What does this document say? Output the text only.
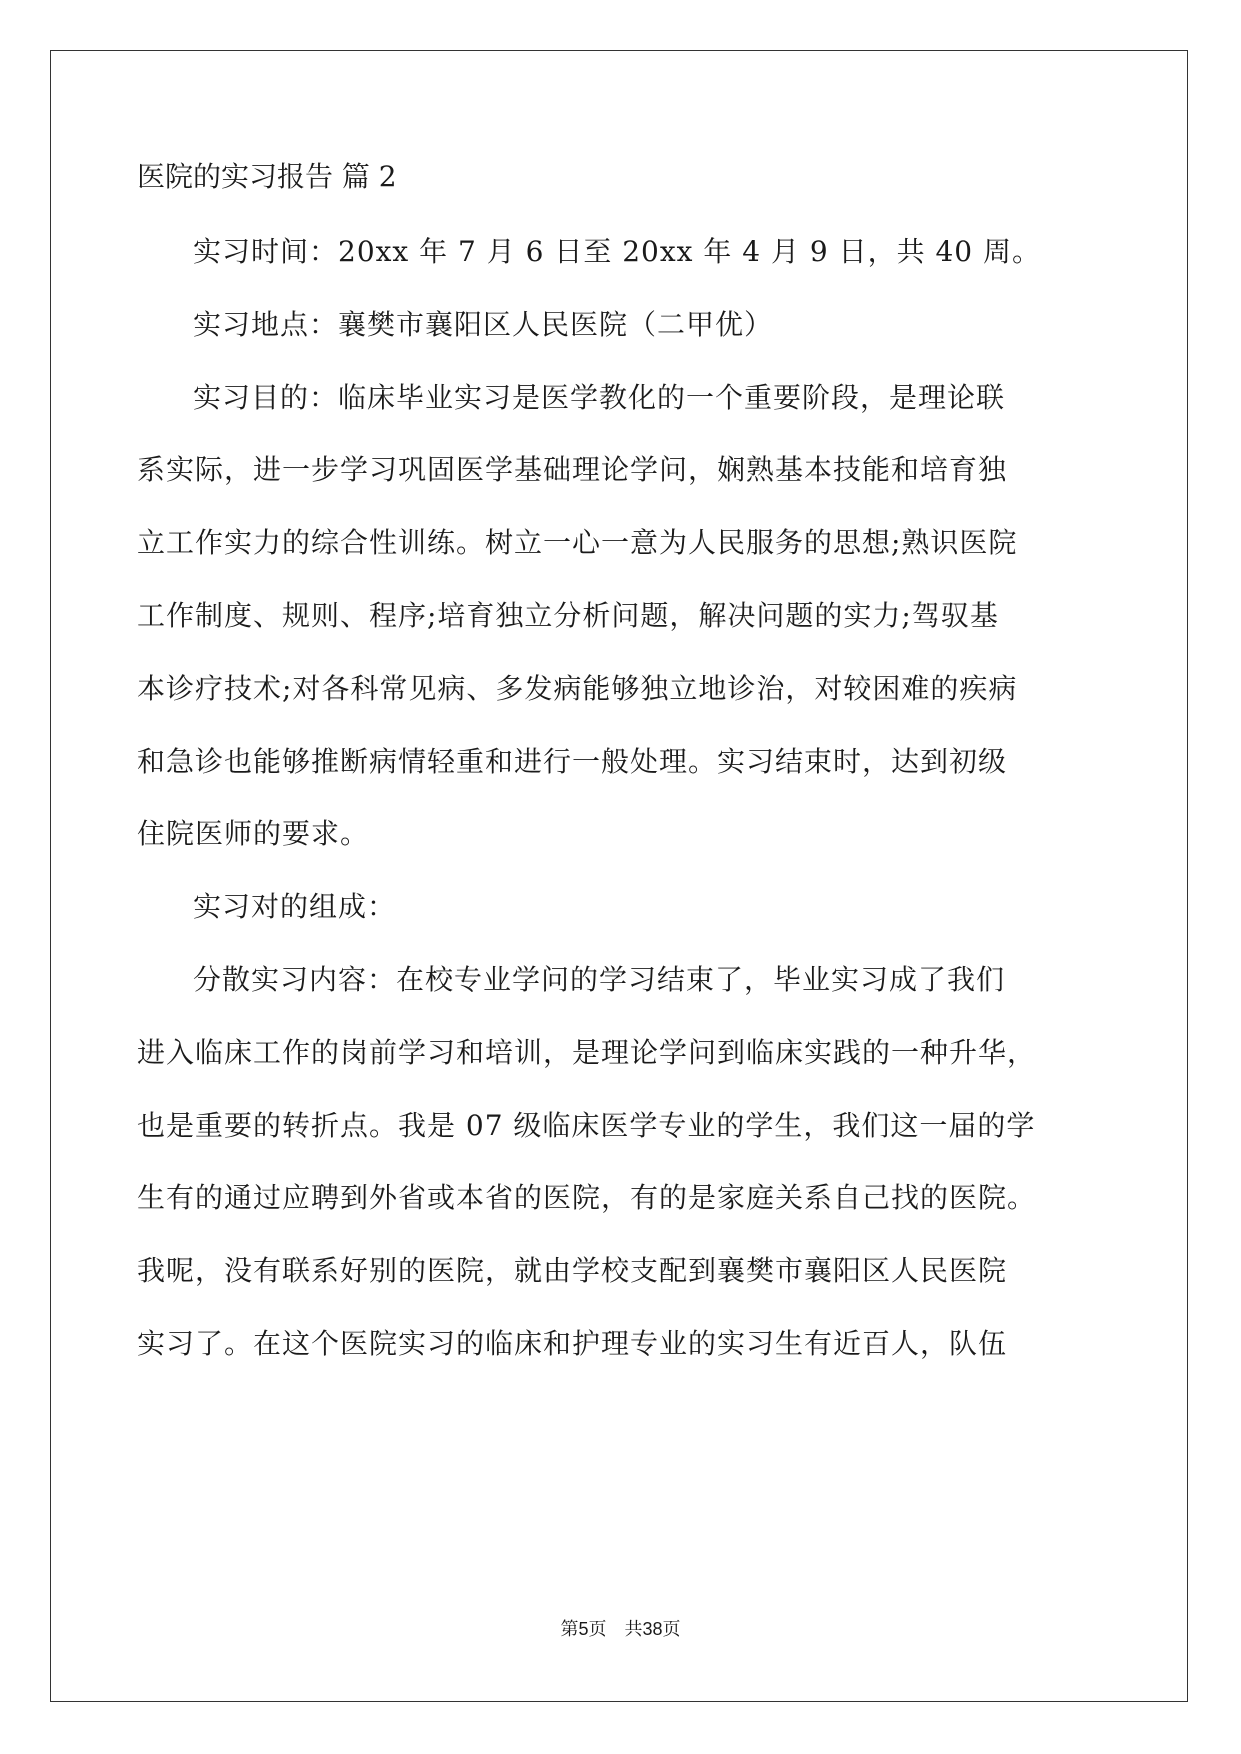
医院的实习报告 篇 2
实习时间：20xx 年 7 月 6 日至 20xx 年 4 月 9 日，共 40 周。
实习地点：襄樊市襄阳区人民医院（二甲优）
实习目的：临床毕业实习是医学教化的一个重要阶段，是理论联
系实际，进一步学习巩固医学基础理论学问，娴熟基本技能和培育独
立工作实力的综合性训练。树立一心一意为人民服务的思想;熟识医院
工作制度、规则、程序;培育独立分析问题，解决问题的实力;驾驭基
本诊疗技术;对各科常见病、多发病能够独立地诊治，对较困难的疾病
和急诊也能够推断病情轻重和进行一般处理。实习结束时，达到初级
住院医师的要求。
实习对的组成：
分散实习内容：在校专业学问的学习结束了，毕业实习成了我们
进入临床工作的岗前学习和培训，是理论学问到临床实践的一种升华，
也是重要的转折点。我是 07 级临床医学专业的学生，我们这一届的学
生有的通过应聘到外省或本省的医院，有的是家庭关系自己找的医院。
我呢，没有联系好别的医院，就由学校支配到襄樊市襄阳区人民医院
实习了。在这个医院实习的临床和护理专业的实习生有近百人，队伍
第5页  共38页
